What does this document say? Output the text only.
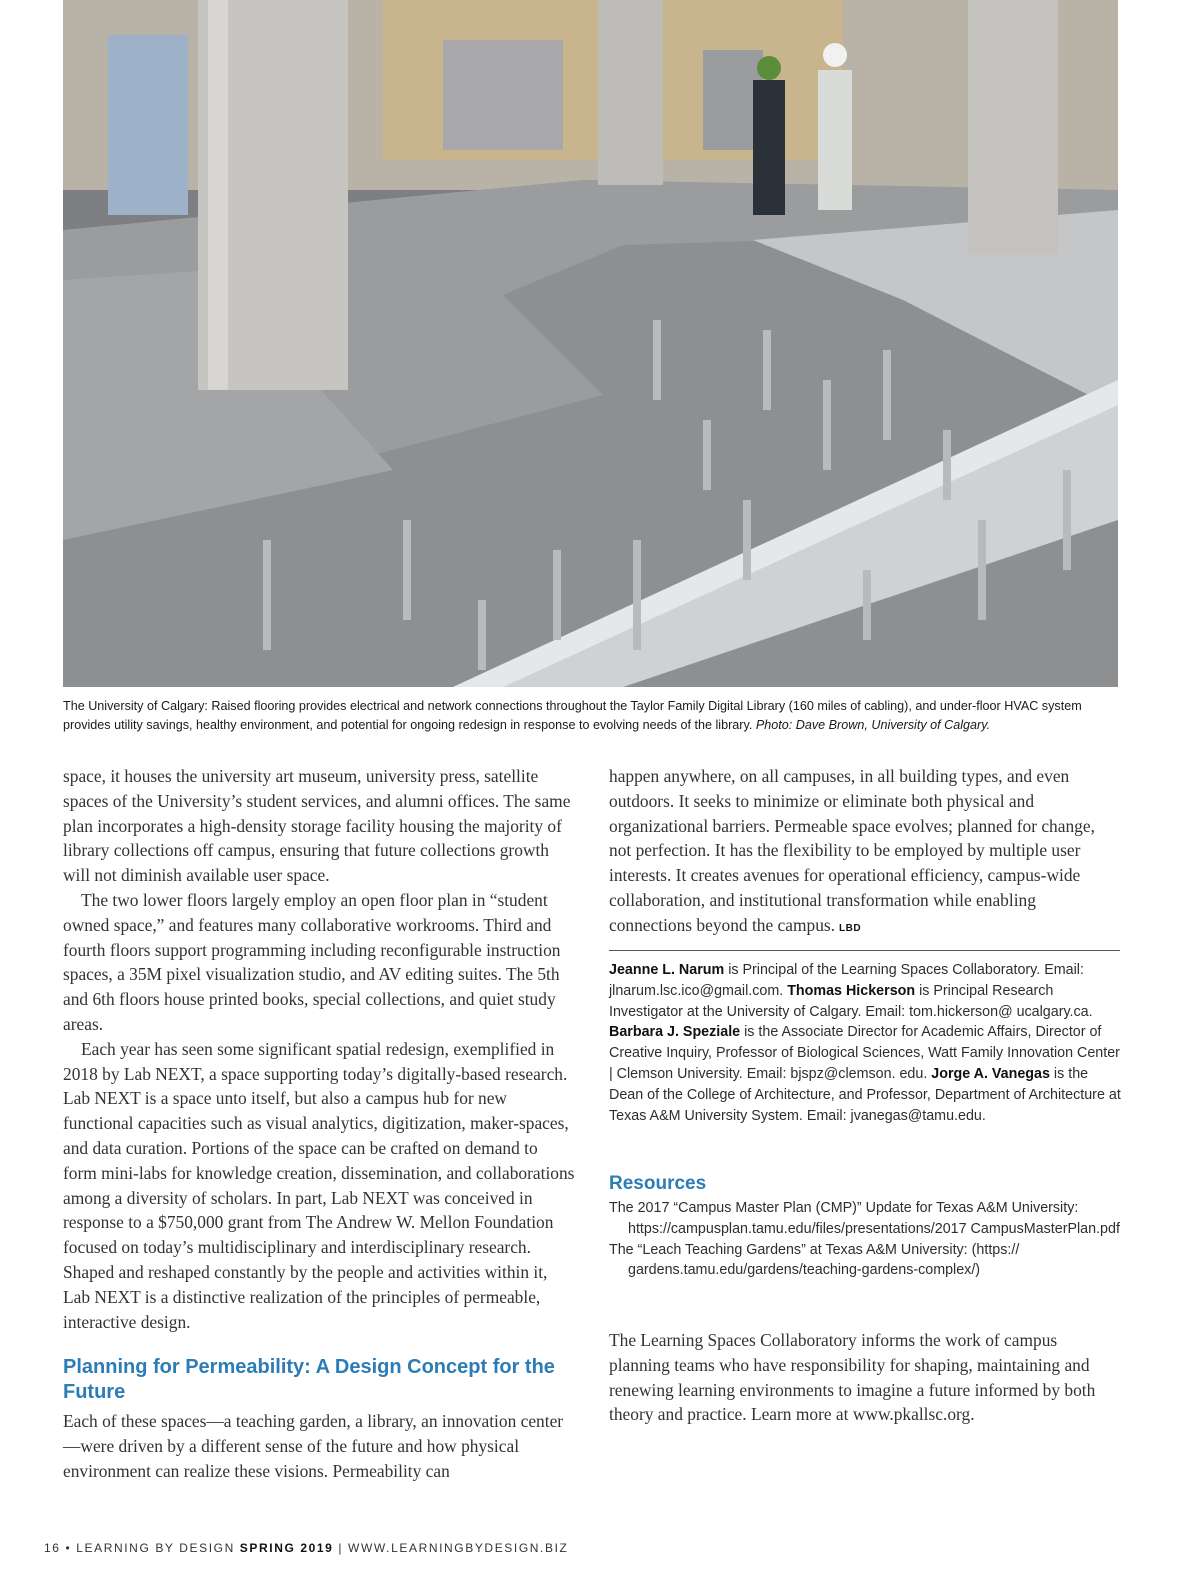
The University of Calgary: Raised flooring provides electrical and network connections throughout the Taylor Family Digital Library (160 miles of cabling), and under-floor HVAC system provides utility savings, healthy environment, and potential for ongoing redesign in response to evolving needs of the library. Photo: Dave Brown, University of Calgary.

space, it houses the university art museum, university press, satellite spaces of the University’s student services, and alumni offices. The same plan incorporates a high-density storage facility housing the majority of library collections off campus, ensuring that future collections growth will not diminish available user space.

The two lower floors largely employ an open floor plan in “student owned space,” and features many collaborative workrooms. Third and fourth floors support programming including reconfigurable instruction spaces, a 35M pixel visualization studio, and AV editing suites. The 5th and 6th floors house printed books, special collections, and quiet study areas.

Each year has seen some significant spatial redesign, exemplified in 2018 by Lab NEXT, a space supporting today’s digitally-based research. Lab NEXT is a space unto itself, but also a campus hub for new functional capacities such as visual analytics, digitization, maker-spaces, and data curation. Portions of the space can be crafted on demand to form mini-labs for knowledge creation, dissemination, and collaborations among a diversity of scholars. In part, Lab NEXT was conceived in response to a $750,000 grant from The Andrew W. Mellon Foundation focused on today’s multidisciplinary and interdisciplinary research. Shaped and reshaped constantly by the people and activities within it, Lab NEXT is a distinctive realization of the principles of permeable, interactive design.

Planning for Permeability: A Design Concept for the Future

Each of these spaces—a teaching garden, a library, an innovation center—were driven by a different sense of the future and how physical environment can realize these visions. Permeability can

happen anywhere, on all campuses, in all building types, and even outdoors. It seeks to minimize or eliminate both physical and organizational barriers. Permeable space evolves; planned for change, not perfection. It has the flexibility to be employed by multiple user interests. It creates avenues for operational efficiency, campus-wide collaboration, and institutional transformation while enabling connections beyond the campus. LBD

Jeanne L. Narum is Principal of the Learning Spaces Collaboratory. Email: jlnarum.lsc.ico@gmail.com. Thomas Hickerson is Principal Research Investigator at the University of Calgary. Email: tom.hickerson@ ucalgary.ca. Barbara J. Speziale is the Associate Director for Academic Affairs, Director of Creative Inquiry, Professor of Biological Sciences, Watt Family Innovation Center | Clemson University. Email: bjspz@clemson. edu. Jorge A. Vanegas is the Dean of the College of Architecture, and Professor, Department of Architecture at Texas A&M University System. Email: jvanegas@tamu.edu.
Resources

The 2017 “Campus Master Plan (CMP)” Update for Texas A&M University: https://campusplan.tamu.edu/files/presentations/2017 CampusMasterPlan.pdf

The “Leach Teaching Gardens” at Texas A&M University: (https:// gardens.tamu.edu/gardens/teaching-gardens-complex/)

The Learning Spaces Collaboratory informs the work of campus planning teams who have responsibility for shaping, maintaining and renewing learning environments to imagine a future informed by both theory and practice. Learn more at www.pkallsc.org.

16 • LEARNING BY DESIGN SPRING 2019 | WWW.LEARNINGBYDESIGN.BIZ
